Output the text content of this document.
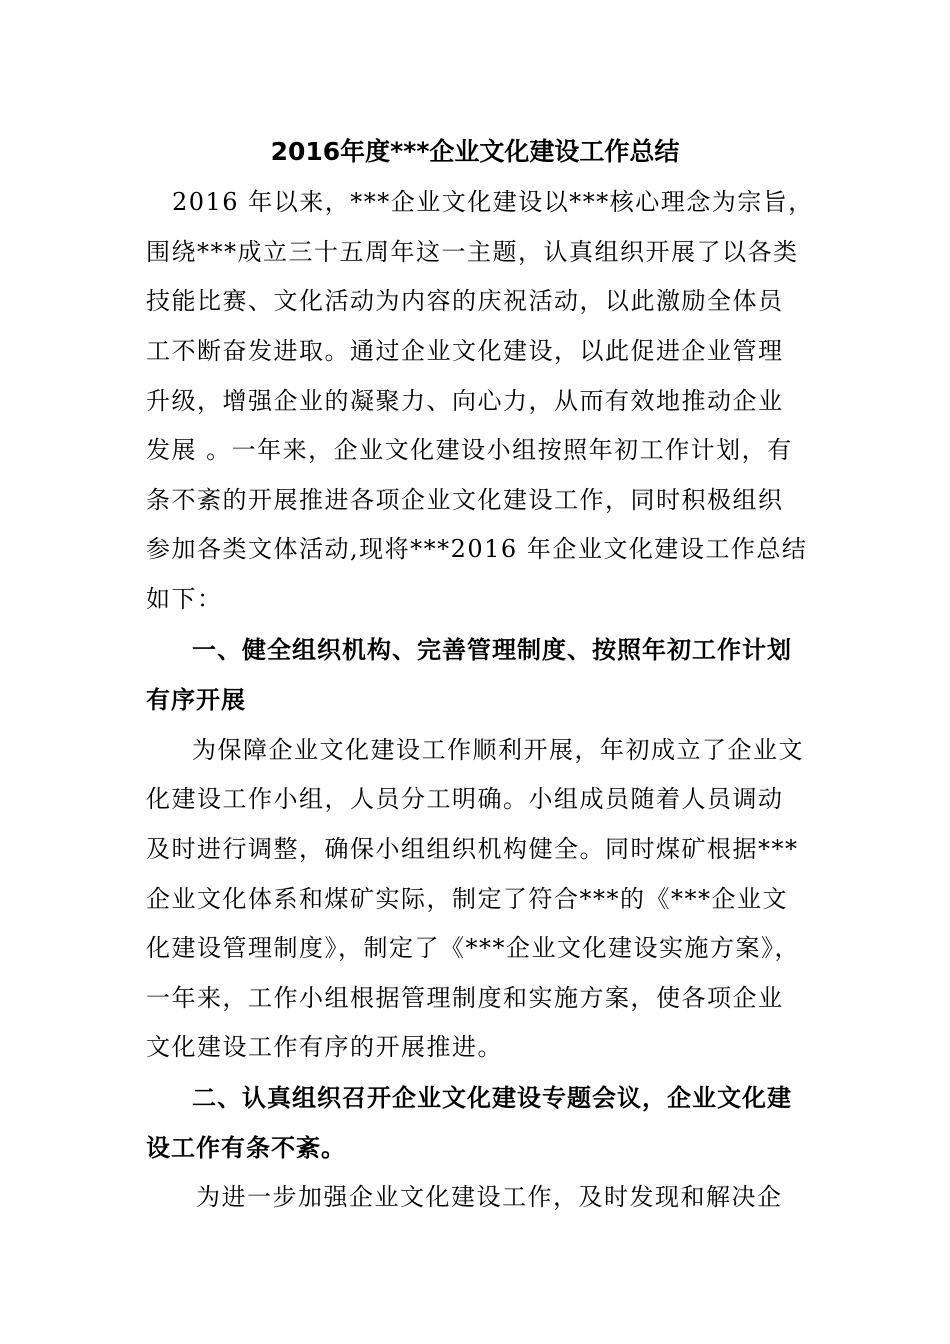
2016年度***企业文化建设工作总结
2016 年以来，***企业文化建设以***核心理念为宗旨，
围绕***成立三十五周年这一主题，认真组织开展了以各类
技能比赛、文化活动为内容的庆祝活动，以此激励全体员
工不断奋发进取。通过企业文化建设，以此促进企业管理
升级，增强企业的凝聚力、向心力，从而有效地推动企业
发展 。一年来，企业文化建设小组按照年初工作计划，有
条不紊的开展推进各项企业文化建设工作，同时积极组织
参加各类文体活动,现将***2016 年企业文化建设工作总结
如下：
一、健全组织机构、完善管理制度、按照年初工作计划
有序开展
为保障企业文化建设工作顺利开展，年初成立了企业文
化建设工作小组，人员分工明确。小组成员随着人员调动
及时进行调整，确保小组组织机构健全。同时煤矿根据***
企业文化体系和煤矿实际，制定了符合***的《***企业文
化建设管理制度》，制定了《***企业文化建设实施方案》，
一年来，工作小组根据管理制度和实施方案，使各项企业
文化建设工作有序的开展推进。
二、认真组织召开企业文化建设专题会议，企业文化建
设工作有条不紊。
为进一步加强企业文化建设工作，及时发现和解决企
